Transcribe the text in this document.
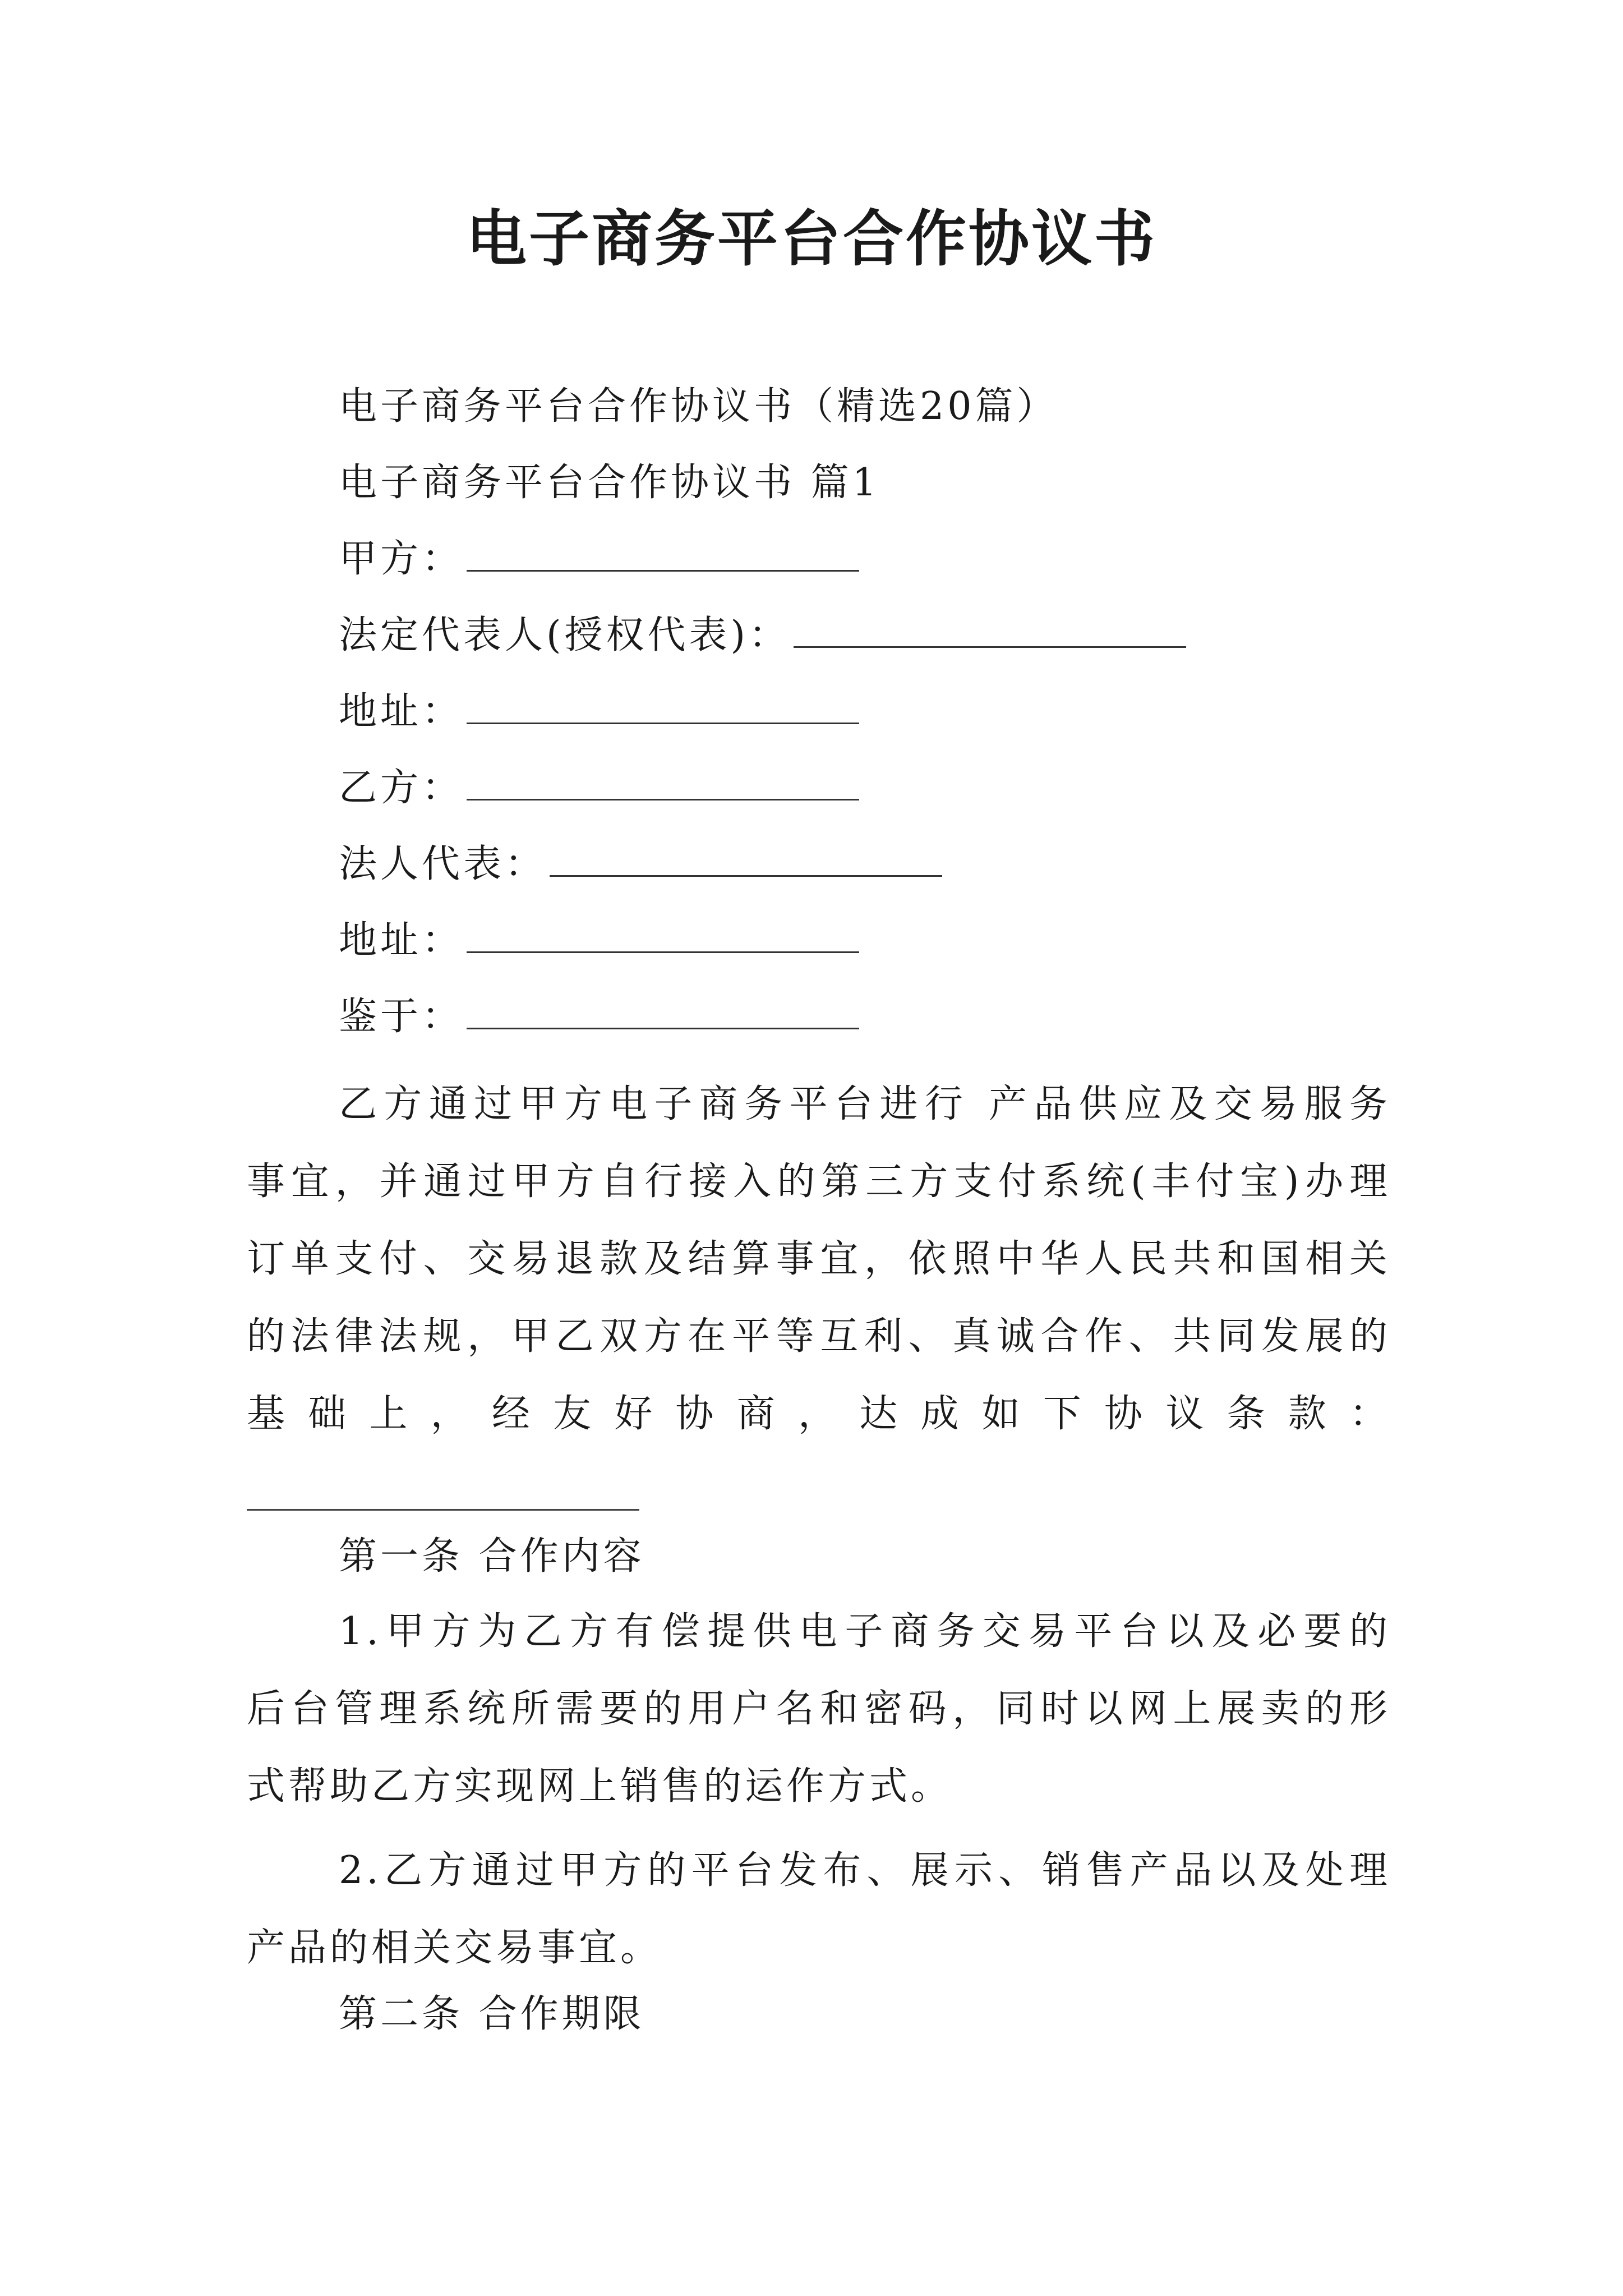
电子商务平台合作协议书
电子商务平台合作协议书（精选20篇）
电子商务平台合作协议书 篇1
甲方：
法定代表人(授权代表)：
地址：
乙方：
法人代表：
地址：
鉴于：
乙方通过甲方电子商务平台进行 产品供应及交易服务
事宜，并通过甲方自行接入的第三方支付系统(丰付宝)办理
订单支付、交易退款及结算事宜，依照中华人民共和国相关
的法律法规，甲乙双方在平等互利、真诚合作、共同发展的
基础上，经友好协商，达成如下协议条款：
第一条 合作内容
1.甲方为乙方有偿提供电子商务交易平台以及必要的
后台管理系统所需要的用户名和密码，同时以网上展卖的形
式帮助乙方实现网上销售的运作方式。
2.乙方通过甲方的平台发布、展示、销售产品以及处理
产品的相关交易事宜。
第二条 合作期限
